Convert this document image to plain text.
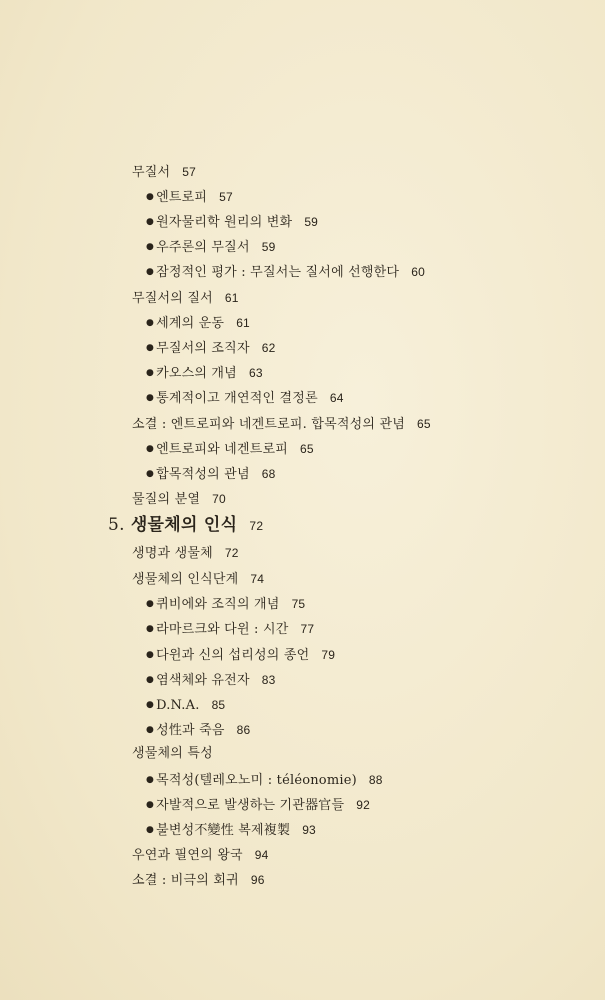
무질서 57
● 엔트로피 57
● 원자물리학 원리의 변화 59
● 우주론의 무질서 59
● 잠정적인 평가 : 무질서는 질서에 선행한다 60
무질서의 질서 61
● 세계의 운동 61
● 무질서의 조직자 62
● 카오스의 개념 63
● 통계적이고 개연적인 결정론 64
소결 : 엔트로피와 네겐트로피. 합목적성의 관념 65
● 엔트로피와 네겐트로피 65
● 합목적성의 관념 68
물질의 분열 70
5. 생물체의 인식 72
생명과 생물체 72
생물체의 인식단계 74
● 퀴비에와 조직의 개념 75
● 라마르크와 다윈 : 시간 77
● 다윈과 신의 섭리성의 종언 79
● 염색체와 유전자 83
● D.N.A. 85
● 성性과 죽음 86
생물체의 특성
● 목적성(텔레오노미 : téléonomie) 88
● 자발적으로 발생하는 기관器官들 92
● 불변성不變性 복제複製 93
우연과 필연의 왕국 94
소결 : 비극의 회귀 96
